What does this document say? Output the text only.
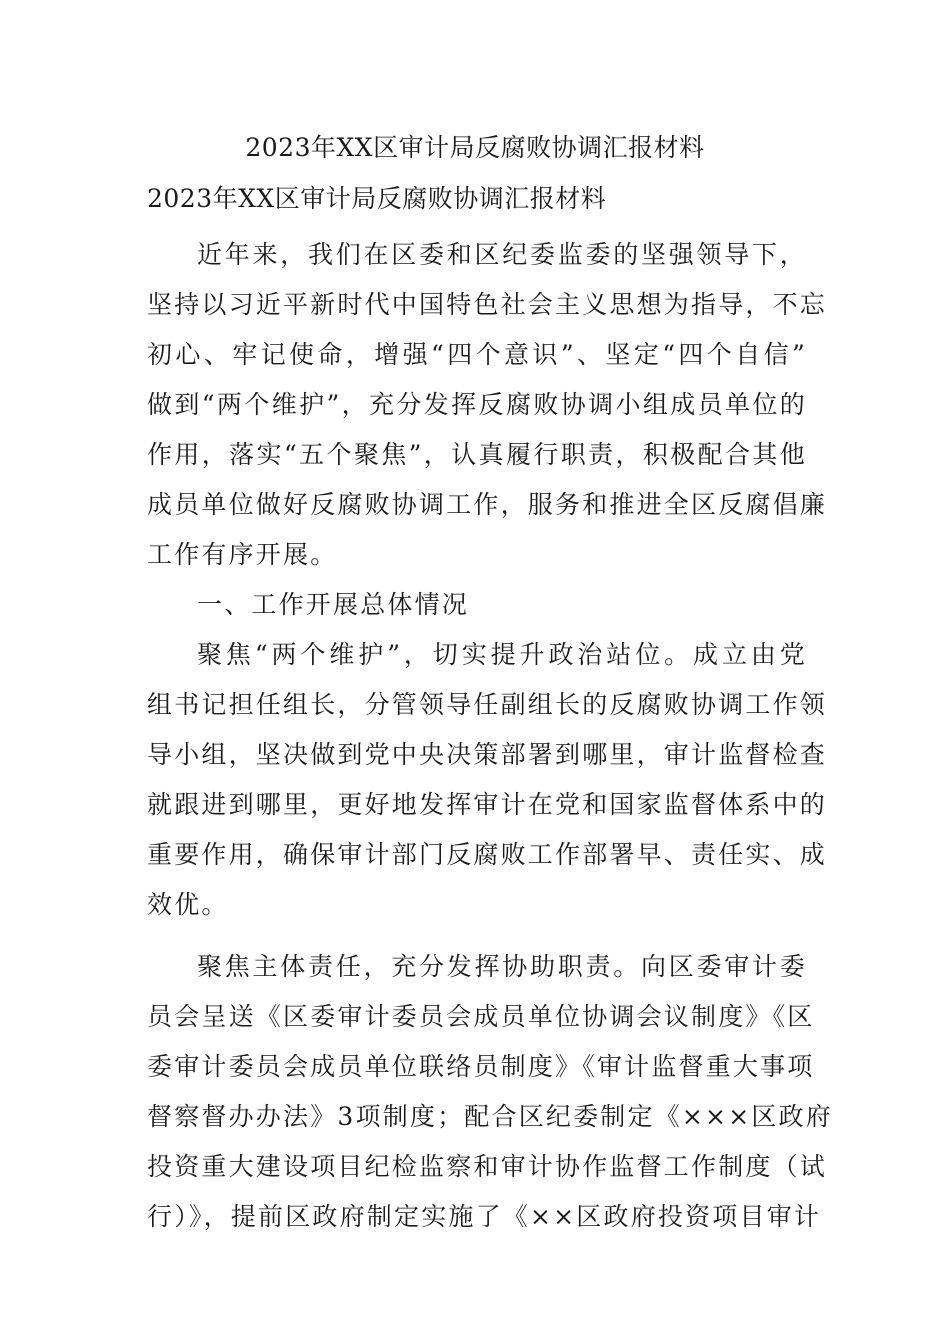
2023年XX区审计局反腐败协调汇报材料
2023年XX区审计局反腐败协调汇报材料

近年来，我们在区委和区纪委监委的坚强领导下，
坚持以习近平新时代中国特色社会主义思想为指导，不忘
初心、牢记使命，增强“四个意识”、坚定“四个自信”
做到“两个维护”，充分发挥反腐败协调小组成员单位的
作用，落实“五个聚焦”，认真履行职责，积极配合其他
成员单位做好反腐败协调工作，服务和推进全区反腐倡廉
工作有序开展。

一、工作开展总体情况

聚焦“两个维护”，切实提升政治站位。成立由党
组书记担任组长，分管领导任副组长的反腐败协调工作领
导小组，坚决做到党中央决策部署到哪里，审计监督检查
就跟进到哪里，更好地发挥审计在党和国家监督体系中的
重要作用，确保审计部门反腐败工作部署早、责任实、成
效优。

聚焦主体责任，充分发挥协助职责。向区委审计委
员会呈送《区委审计委员会成员单位协调会议制度》《区
委审计委员会成员单位联络员制度》《审计监督重大事项
督察督办办法》3项制度；配合区纪委制定《×××区政府
投资重大建设项目纪检监察和审计协作监督工作制度（试
行）》，提前区政府制定实施了《××区政府投资项目审计
